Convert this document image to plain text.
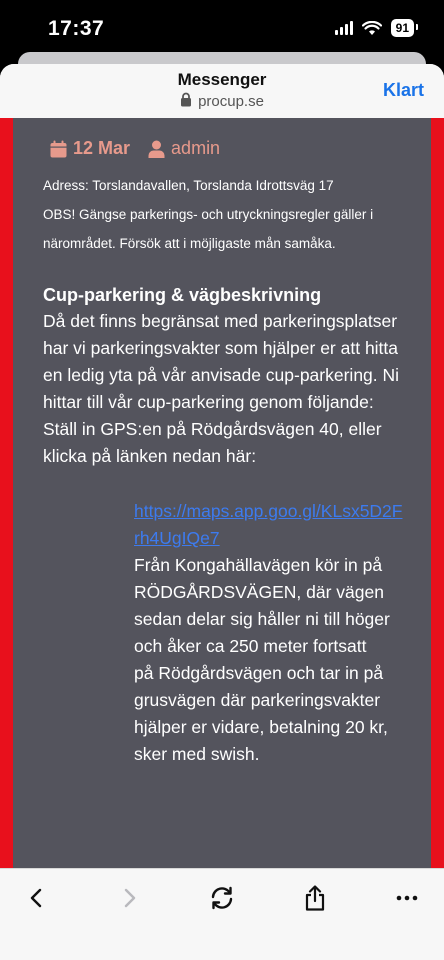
17:37	91
Messenger
procup.se
Klart
12 Mar admin
Adress: Torslandavallen, Torslanda Idrottsväg 17
OBS! Gängse parkerings- och utryckningsregler gäller i närområdet. Försök att i möjligaste mån samåka.
Cup-parkering & vägbeskrivning
Då det finns begränsat med parkeringsplatser har vi parkeringsvakter som hjälper er att hitta en ledig yta på vår anvisade cup-parkering. Ni hittar till vår cup-parkering genom följande:
Ställ in GPS:en på Rödgårdsvägen 40, eller klicka på länken nedan här:
https://maps.app.goo.gl/KLsx5D2Frh4UgIQe7
Från Kongahällavägen kör in på RÖDGÅRDSVÄGEN, där vägen sedan delar sig håller ni till höger och åker ca 250 meter fortsatt
på Rödgårdsvägen och tar in på grusvägen där parkeringsvakter hjälper er vidare, betalning 20 kr, sker med swish.
